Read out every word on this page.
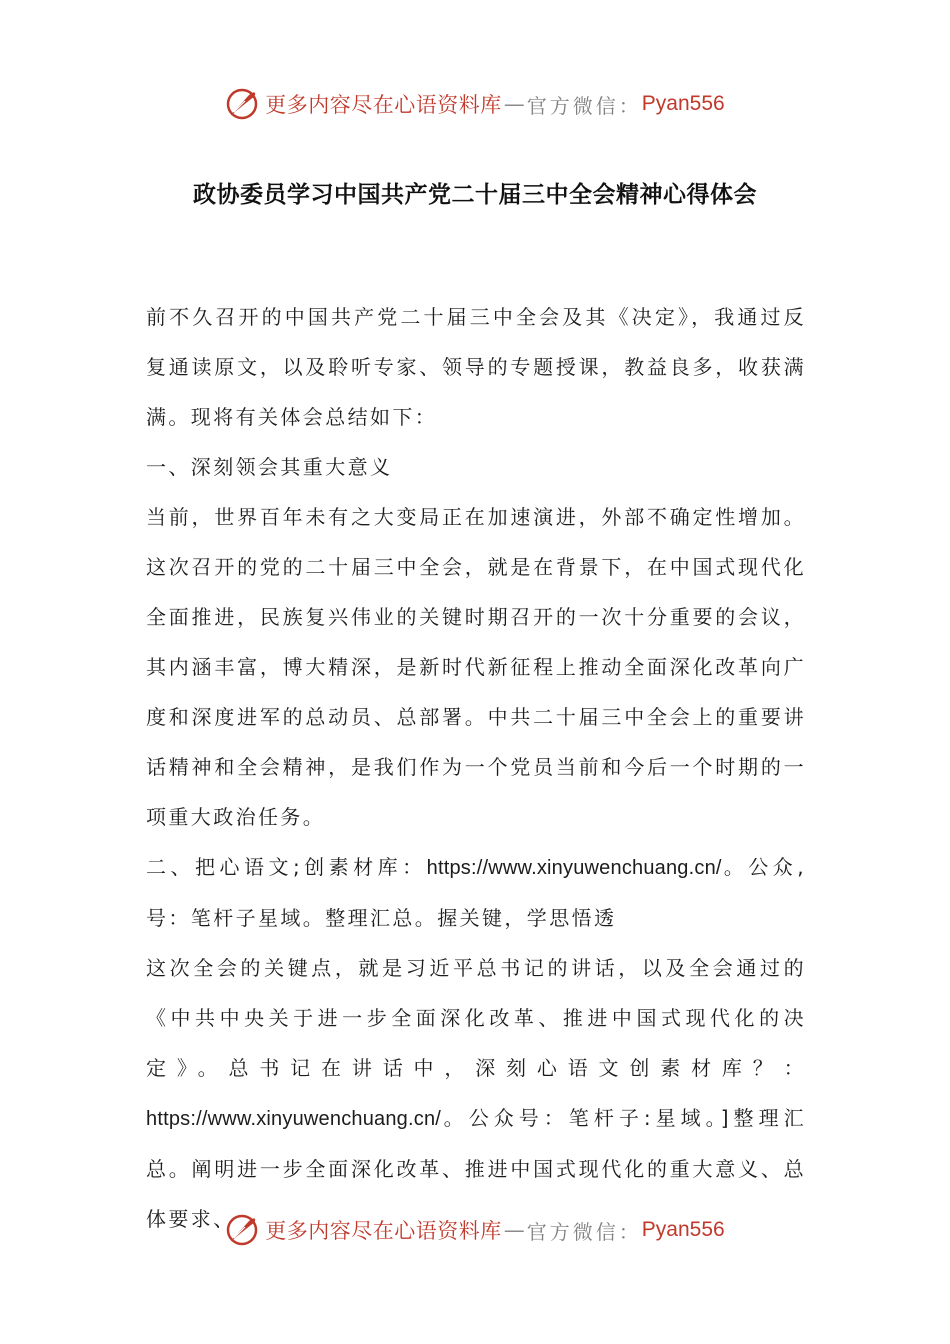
更多内容尽在心语资料库 — 官方微信： Pyan556
政协委员学习中国共产党二十届三中全会精神心得体会

前不久召开的中国共产党二十届三中全会及其《决定》，我通过反复通读原文，以及聆听专家、领导的专题授课，教益良多，收获满满。现将有关体会总结如下：

一、深刻领会其重大意义

当前，世界百年未有之大变局正在加速演进，外部不确定性增加。这次召开的党的二十届三中全会，就是在背景下，在中国式现代化全面推进，民族复兴伟业的关键时期召开的一次十分重要的会议，其内涵丰富，博大精深，是新时代新征程上推动全面深化改革向广度和深度进军的总动员、总部署。中共二十届三中全会上的重要讲话精神和全会精神，是我们作为一个党员当前和今后一个时期的一项重大政治任务。

二、把心语文;创素材库：https://www.xinyuwenchuang.cn/。公众,号：笔杆子星域。整理汇总。握关键，学思悟透

这次全会的关键点，就是习近平总书记的讲话，以及全会通过的《中共中央关于进一步全面深化改革、推进中国式现代化的决定》。总书记在讲话中，深刻心语文创素材库？：https://www.xinyuwenchuang.cn/。公众号：笔杆子:星域。]整理汇总。阐明进一步全面深化改革、推进中国式现代化的重大意义、总体要求、	更多内容尽在心语资料库 — 官方微信： Pyan556
